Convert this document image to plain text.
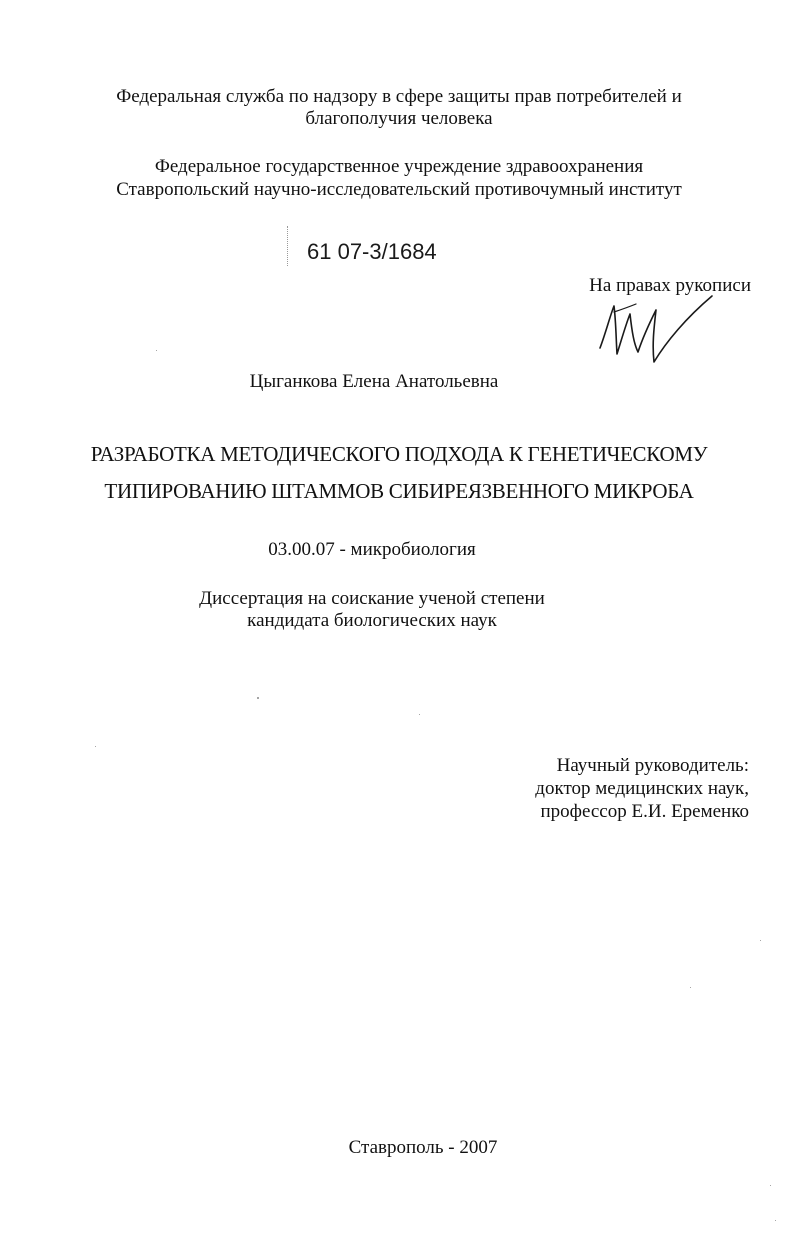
Федеральная служба по надзору в сфере защиты прав потребителей и
благополучия человека
Федеральное государственное учреждение здравоохранения
Ставропольский научно-исследовательский противочумный институт
61 07-3/1684
На правах рукописи
Цыганкова Елена Анатольевна
РАЗРАБОТКА МЕТОДИЧЕСКОГО ПОДХОДА К ГЕНЕТИЧЕСКОМУ
ТИПИРОВАНИЮ ШТАММОВ СИБИРЕЯЗВЕННОГО МИКРОБА
03.00.07 - микробиология
Диссертация на соискание ученой степени
кандидата биологических наук
Научный руководитель:
доктор медицинских наук,
профессор Е.И. Еременко
Ставрополь - 2007
